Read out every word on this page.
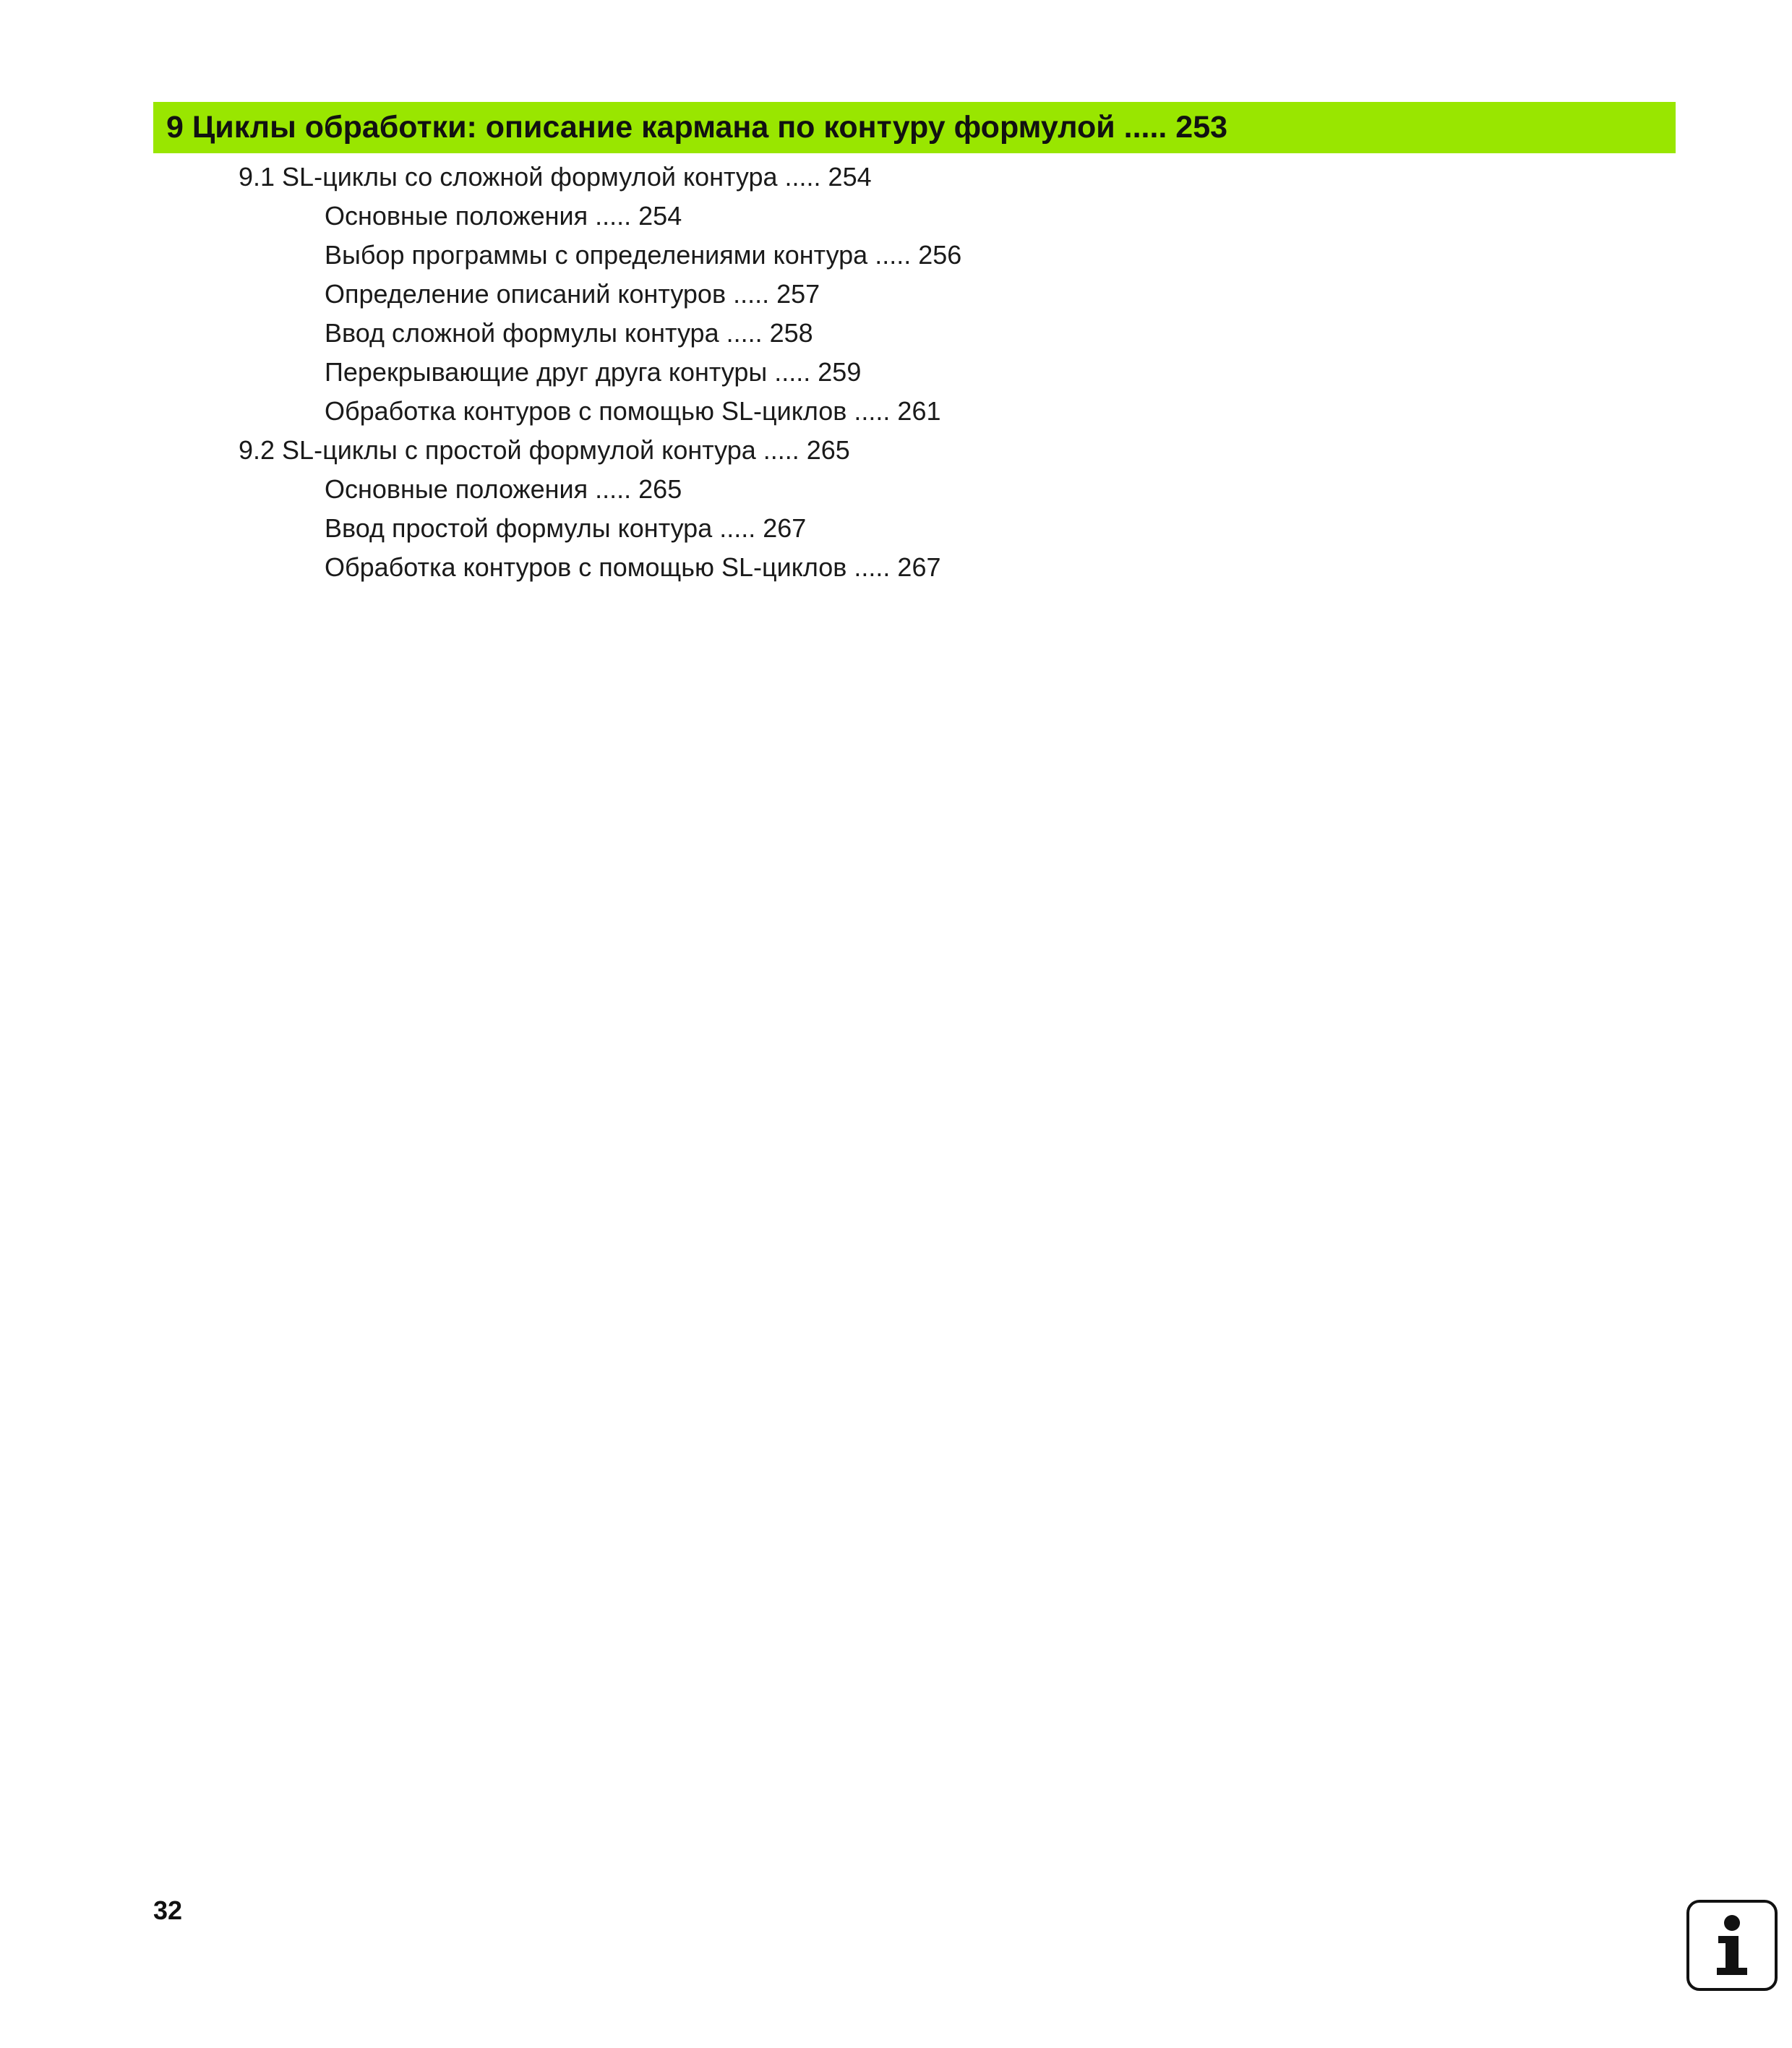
9 Циклы обработки: описание кармана по контуру формулой ..... 253
9.1 SL-циклы со сложной формулой контура ..... 254
Основные положения ..... 254
Выбор программы с определениями контура ..... 256
Определение описаний контуров ..... 257
Ввод сложной формулы контура ..... 258
Перекрывающие друг друга контуры ..... 259
Обработка контуров с помощью SL-циклов ..... 261
9.2 SL-циклы с простой формулой контура ..... 265
Основные положения ..... 265
Ввод простой формулы контура ..... 267
Обработка контуров с помощью SL-циклов ..... 267
32
